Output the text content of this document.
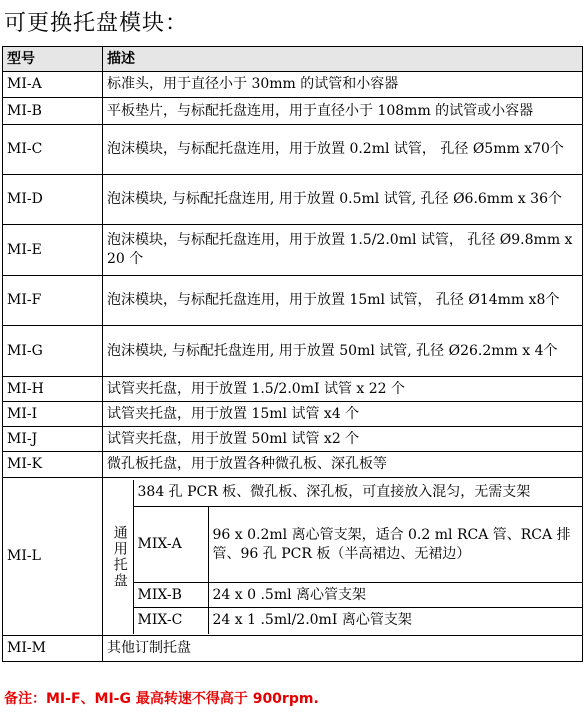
可更换托盘模块：
型号	描述
MI-A	标准头，用于直径小于 30mm 的试管和小容器
MI-B	平板垫片，与标配托盘连用，用于直径小于 108mm 的试管或小容器
MI-C	泡沫模块，与标配托盘连用，用于放置 0.2ml 试管， 孔径 Ø5mm x70个
MI-D	泡沫模块, 与标配托盘连用, 用于放置 0.5ml 试管, 孔径 Ø6.6mm x 36个
MI-E	泡沫模块，与标配托盘连用，用于放置 1.5/2.0ml 试管， 孔径 Ø9.8mm x 20 个
MI-F	泡沫模块，与标配托盘连用，用于放置 15ml 试管， 孔径 Ø14mm x8个
MI-G	泡沫模块, 与标配托盘连用, 用于放置 50ml 试管, 孔径 Ø26.2mm x 4个
MI-H	试管夹托盘，用于放置 1.5/2.0mI 试管 x 22 个
MI-I	试管夹托盘，用于放置 15ml 试管 x4 个
MI-J	试管夹托盘，用于放置 50ml 试管 x2 个
MI-K	微孔板托盘，用于放置各种微孔板、深孔板等
MI-L		通用托盘	384 孔 PCR 板、微孔板、深孔板，可直接放入混匀，无需支架
MIX-A	96 x 0.2ml 离心管支架，适合 0.2 ml RCA 管、RCA 排管、96 孔 PCR 板（半高裙边、无裙边）
MIX-B	24 x 0 .5ml 离心管支架
MIX-C	24 x 1 .5ml/2.0mI 离心管支架

MI-M	其他订制托盘
备注：MI-F、MI-G 最高转速不得高于 900rpm.
